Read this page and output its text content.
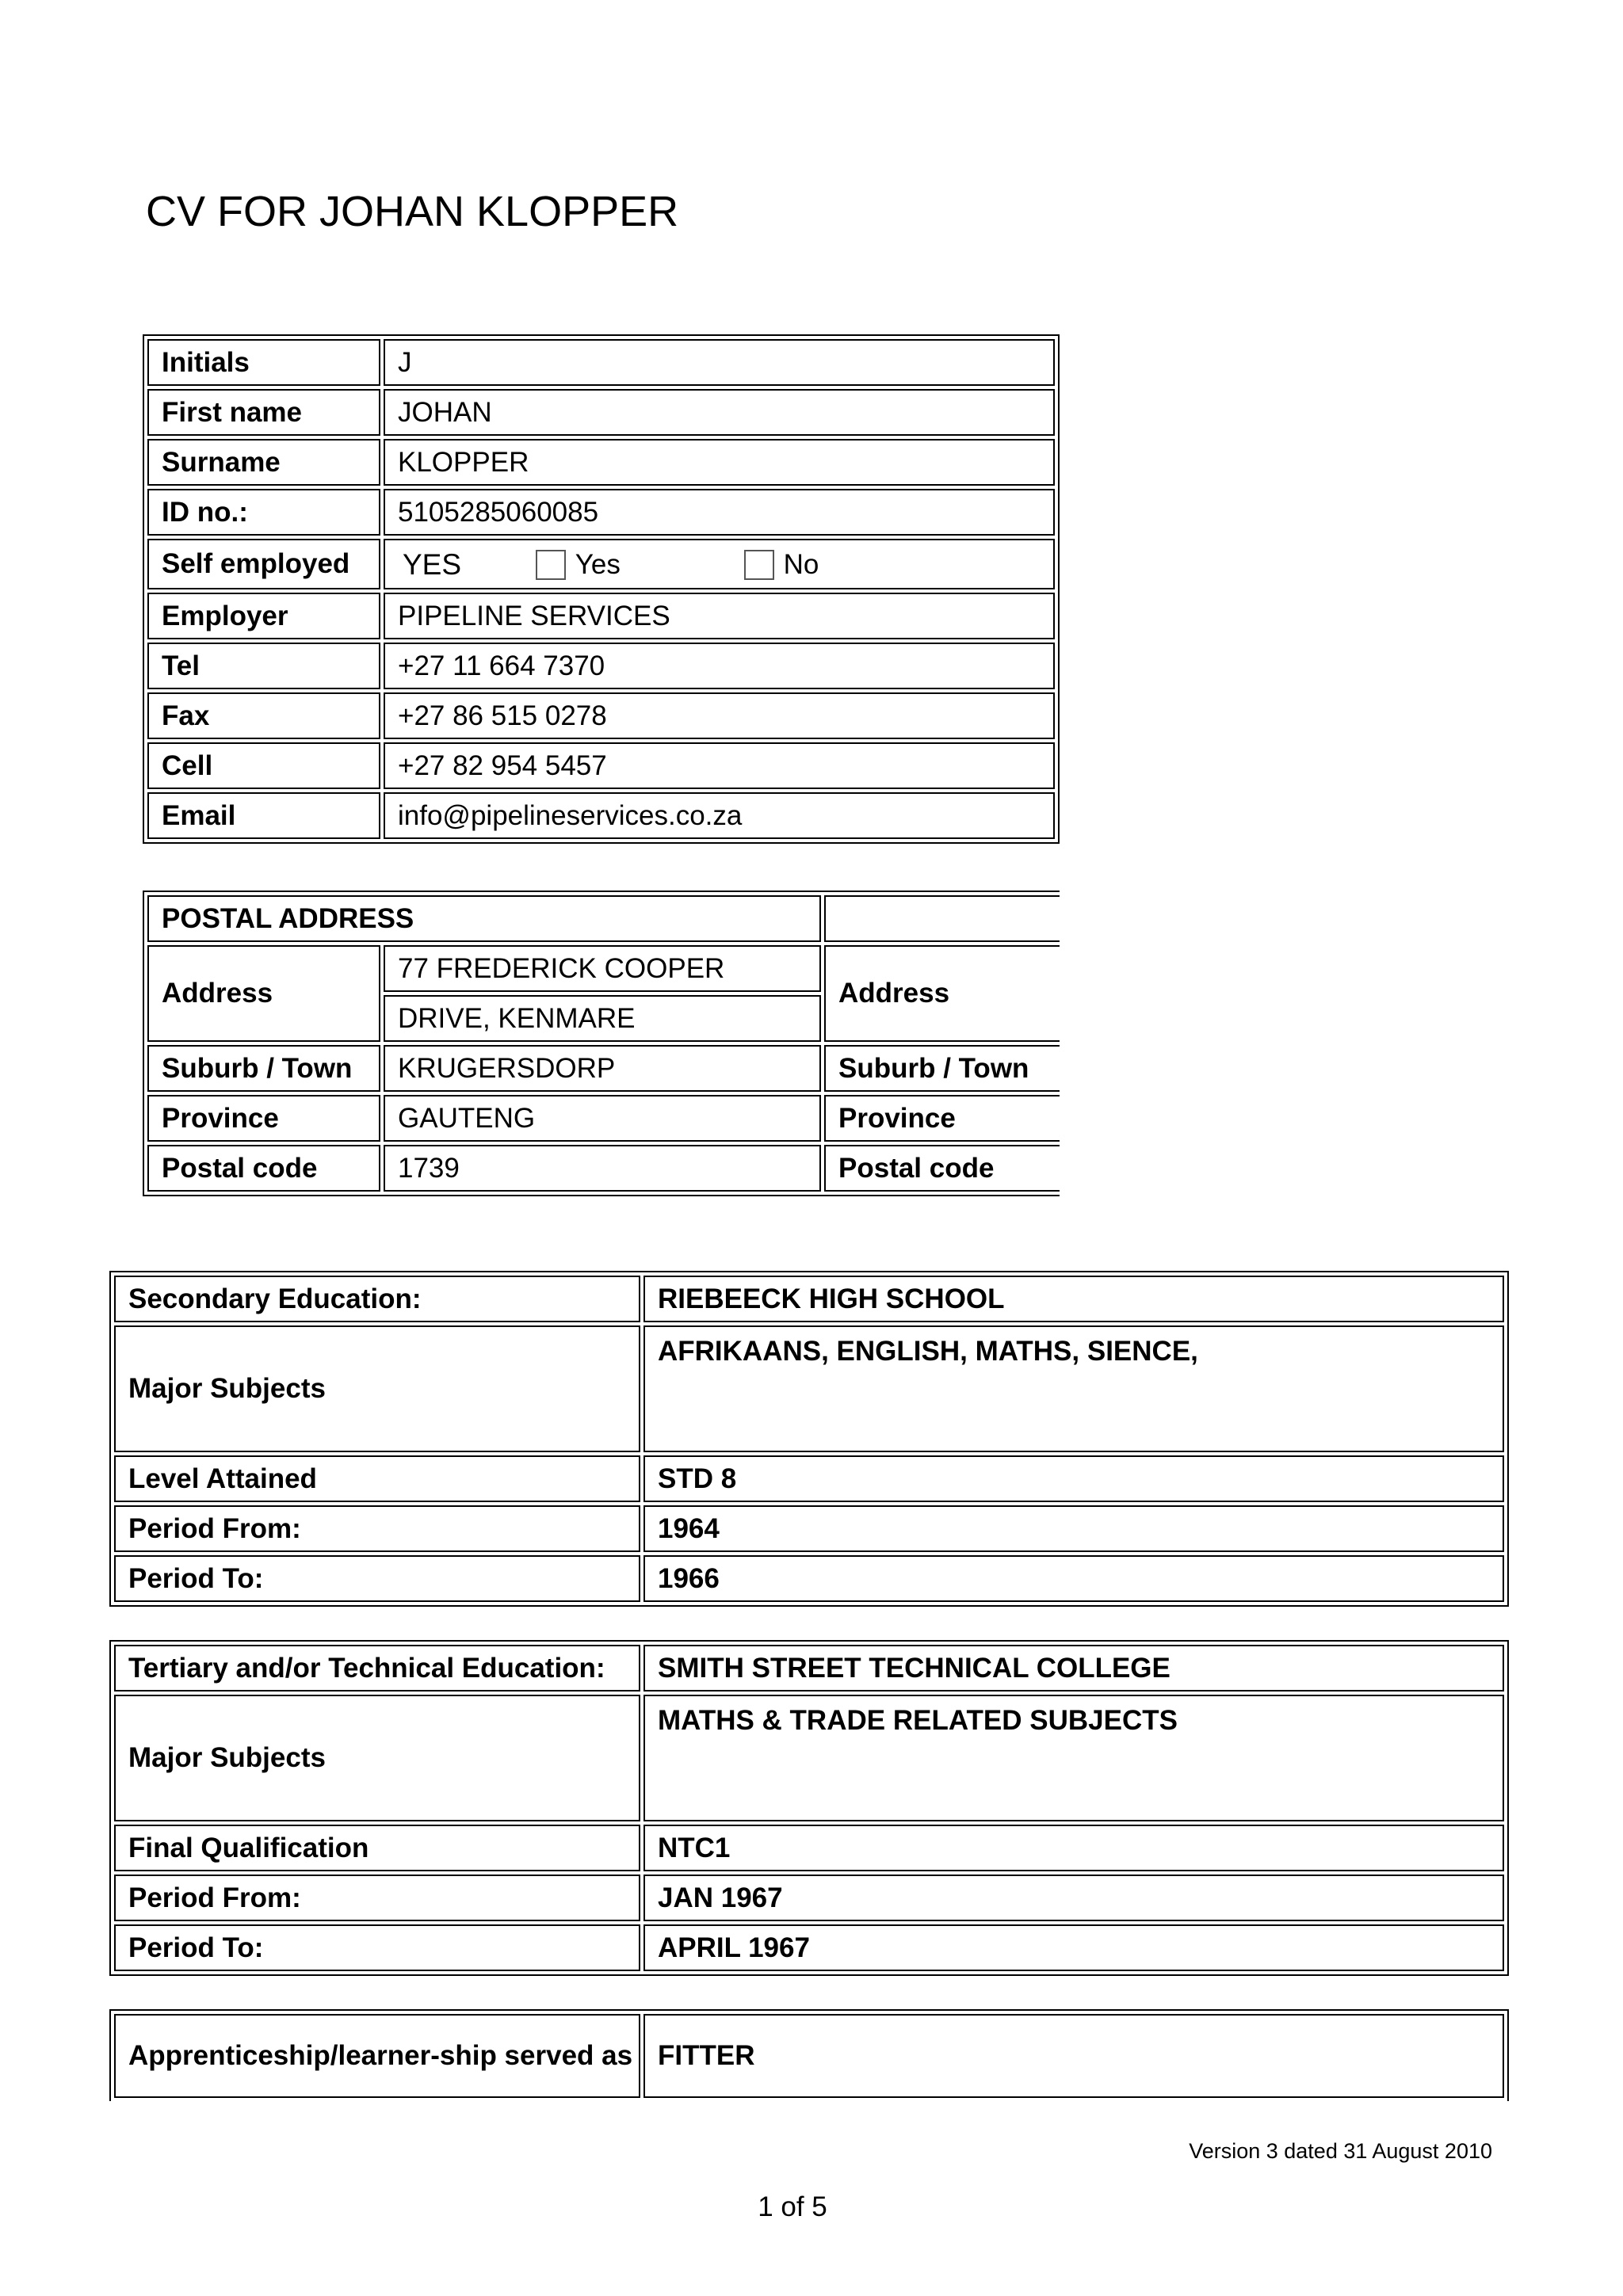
CV FOR JOHAN KLOPPER
Initials	J
First name	JOHAN
Surname	KLOPPER
ID no.:	5105285060085
Self employed	YES Yes No
Employer	PIPELINE SERVICES
Tel	+27 11 664 7370
Fax	+27 86 515 0278
Cell	+27 82 954 5457
Email	info@pipelineservices.co.za
POSTAL ADDRESS		
Address	77 FREDERICK COOPER	Address
	DRIVE, KENMARE	
Suburb / Town	KRUGERSDORP	Suburb / Town
Province	GAUTENG	Province
Postal code	1739	Postal code
Secondary Education:	RIEBEECK HIGH SCHOOL
Major Subjects	AFRIKAANS, ENGLISH, MATHS, SIENCE,
Level Attained	STD 8
Period From:	1964
Period To:	1966
Tertiary and/or Technical Education:	SMITH STREET TECHNICAL COLLEGE
Major Subjects	MATHS & TRADE RELATED SUBJECTS
Final Qualification	NTC1
Period From:	JAN 1967
Period To:	APRIL 1967
Apprenticeship/learner-ship served as	FITTER
Version 3 dated 31 August 2010
1 of 5
